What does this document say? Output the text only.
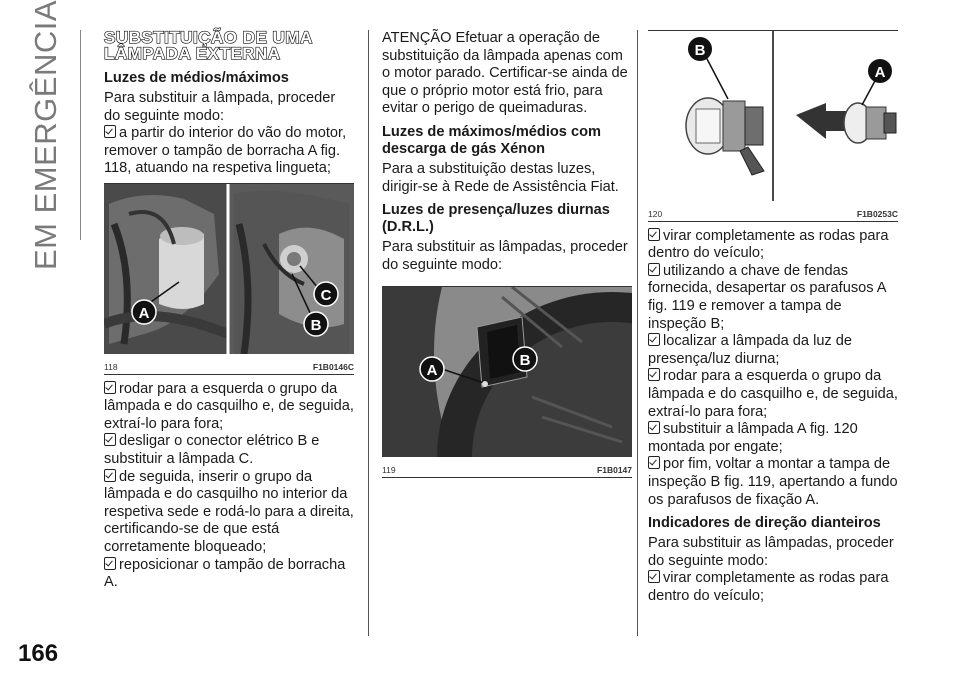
EM EMERGÊNCIA
166
SUBSTITUIÇÃO DE UMA
LÂMPADA EXTERNA
Luzes de médios/máximos

Para substituir a lâmpada, proceder do seguinte modo:

a partir do interior do vão do motor, remover o tampão de borracha A fig. 118, atuando na respetiva lingueta;

A
B
C
118	F1B0146C

rodar para a esquerda o grupo da lâmpada e do casquilho e, de seguida, extraí-lo para fora;

desligar o conector elétrico B e substituir a lâmpada C.

de seguida, inserir o grupo da lâmpada e do casquilho no interior da respetiva sede e rodá-lo para a direita, certificando-se de que está corretamente bloqueado;

reposicionar o tampão de borracha A.

ATENÇÃO Efetuar a operação de substituição da lâmpada apenas com o motor parado. Certificar-se ainda de que o próprio motor está frio, para evitar o perigo de queimaduras.

Luzes de máximos/médios com descarga de gás Xénon

Para a substituição destas luzes, dirigir-se à Rede de Assistência Fiat.

Luzes de presença/luzes diurnas (D.R.L.)

Para substituir as lâmpadas, proceder do seguinte modo:

A
B
119	F1B0147
B
A
120	F1B0253C

virar completamente as rodas para dentro do veículo;

utilizando a chave de fendas fornecida, desapertar os parafusos A fig. 119 e remover a tampa de inspeção B;

localizar a lâmpada da luz de presença/luz diurna;

rodar para a esquerda o grupo da lâmpada e do casquilho e, de seguida, extraí-lo para fora;

substituir a lâmpada A fig. 120 montada por engate;

por fim, voltar a montar a tampa de inspeção B fig. 119, apertando a fundo os parafusos de fixação A.

Indicadores de direção dianteiros

Para substituir as lâmpadas, proceder do seguinte modo:

virar completamente as rodas para dentro do veículo;
